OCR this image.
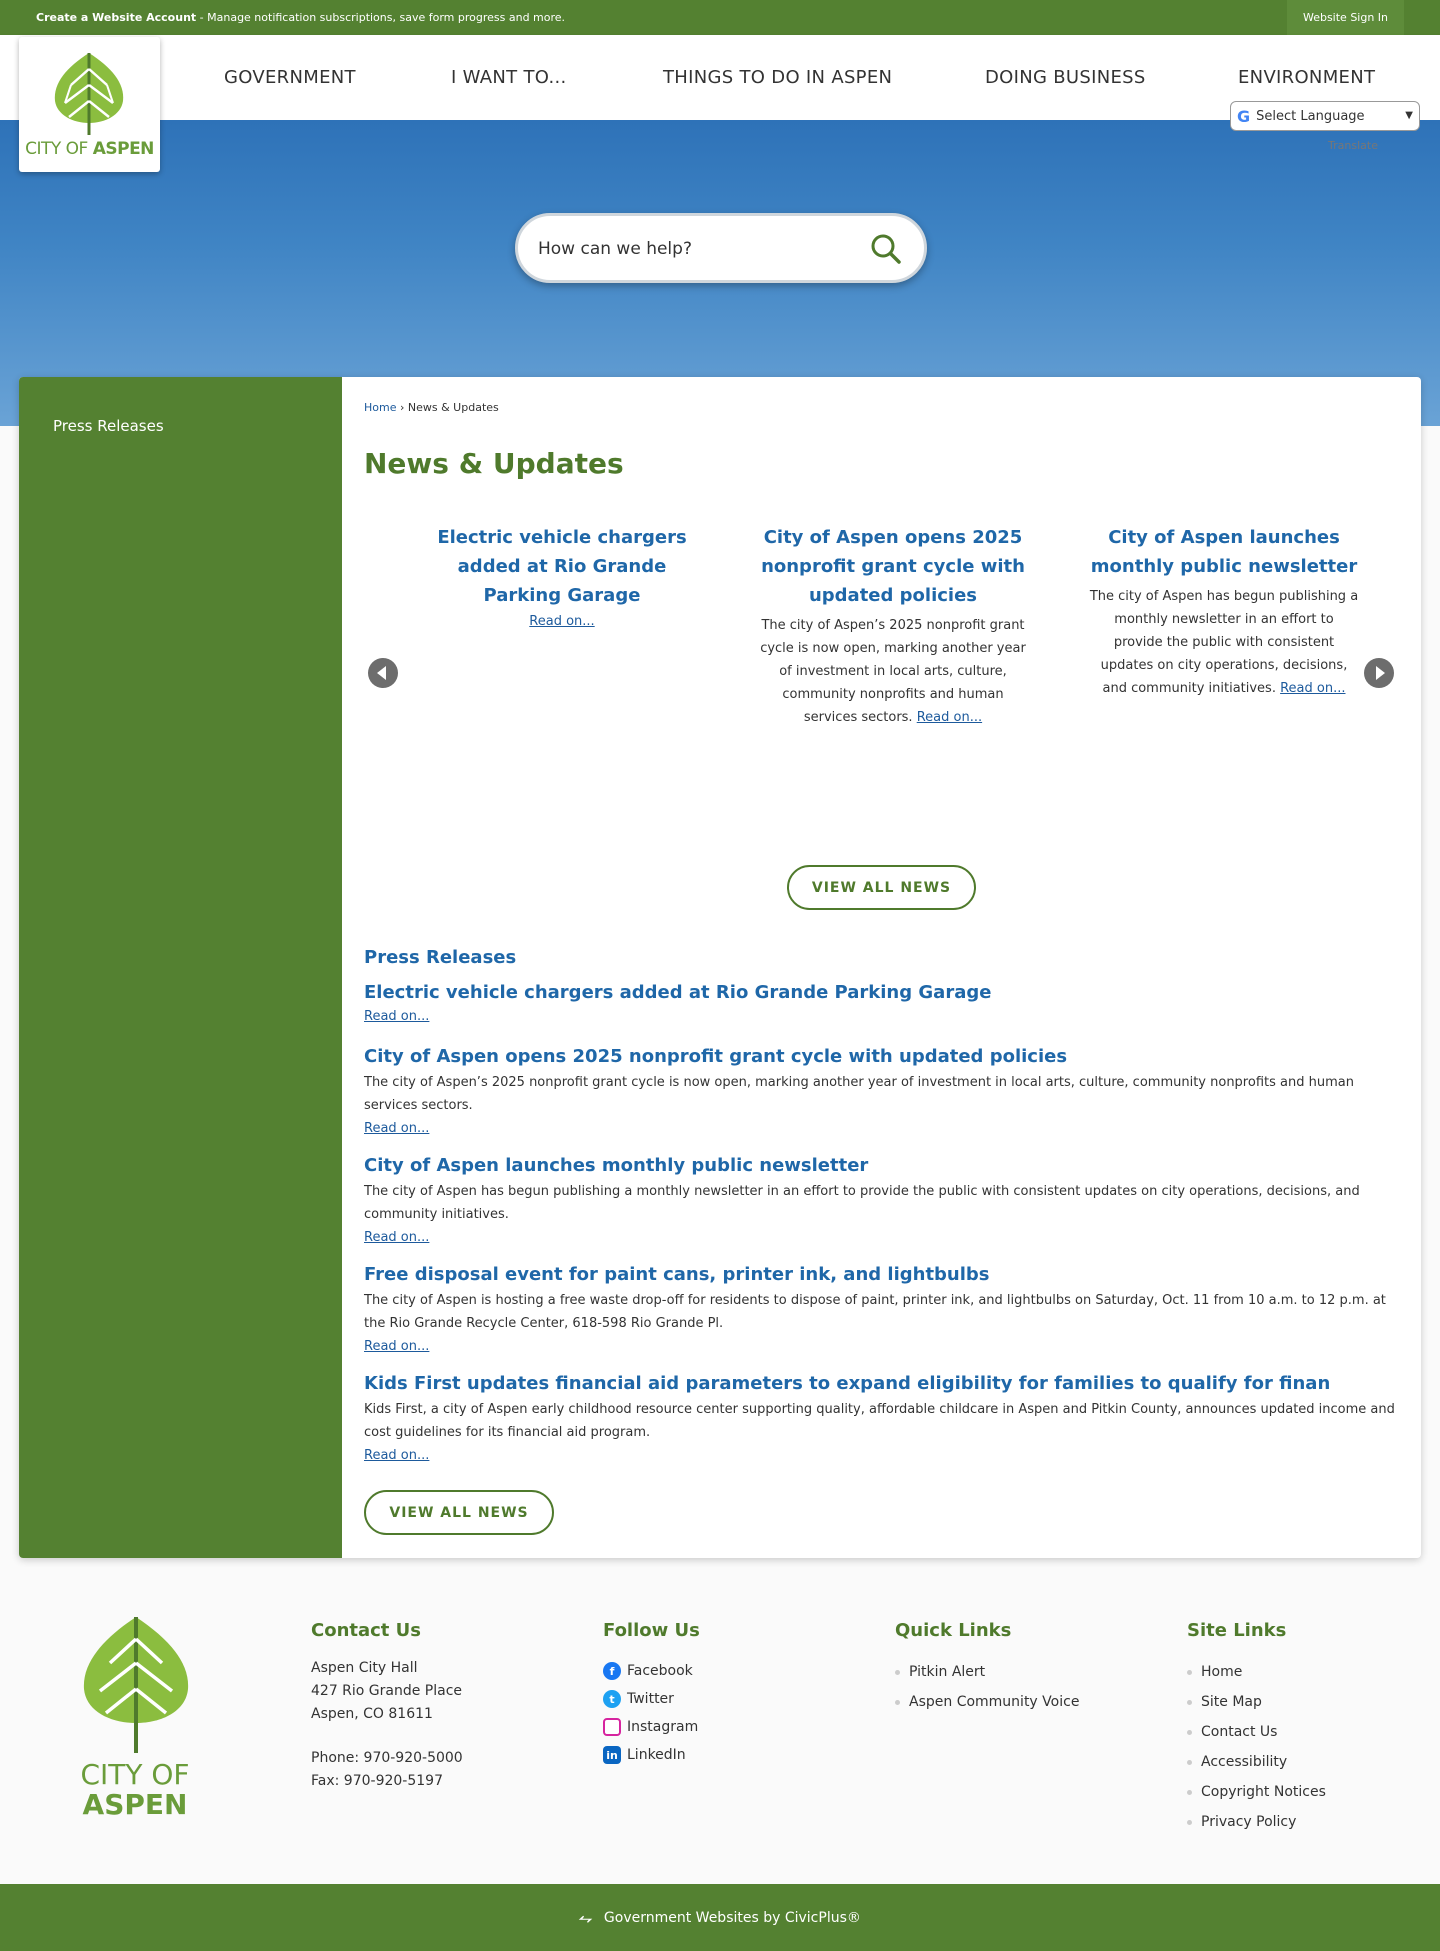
Create a Website Account - Manage notification subscriptions, save form progress and more.	Website Sign In
GOVERNMENT	I WANT TO...	THINGS TO DO IN ASPEN	DOING BUSINESS	ENVIRONMENT
CITY OF ASPEN
G Select Language	▼
Translate
How can we help?
Press Releases
Home › News & Updates
News & Updates
Electric vehicle chargers added at Rio Grande Parking Garage
Read on...
City of Aspen opens 2025 nonprofit grant cycle with updated policies

The city of Aspen’s 2025 nonprofit grant cycle is now open, marking another year of investment in local arts, culture, community nonprofits and human services sectors. Read on...

City of Aspen launches monthly public newsletter

The city of Aspen has begun publishing a monthly newsletter in an effort to provide the public with consistent updates on city operations, decisions, and community initiatives. Read on...

VIEW ALL NEWS
Press Releases
Electric vehicle chargers added at Rio Grande Parking Garage
Read on...
City of Aspen opens 2025 nonprofit grant cycle with updated policies

The city of Aspen’s 2025 nonprofit grant cycle is now open, marking another year of investment in local arts, culture, community nonprofits and human services sectors.

Read on...
City of Aspen launches monthly public newsletter

The city of Aspen has begun publishing a monthly newsletter in an effort to provide the public with consistent updates on city operations, decisions, and community initiatives.

Read on...
Free disposal event for paint cans, printer ink, and lightbulbs

The city of Aspen is hosting a free waste drop-off for residents to dispose of paint, printer ink, and lightbulbs on Saturday, Oct. 11 from 10 a.m. to 12 p.m. at the Rio Grande Recycle Center, 618-598 Rio Grande Pl.

Read on...
Kids First updates financial aid parameters to expand eligibility for families to qualify for finan

Kids First, a city of Aspen early childhood resource center supporting quality, affordable childcare in Aspen and Pitkin County, announces updated income and cost guidelines for its financial aid program.

Read on...
VIEW ALL NEWS
CITY OF
ASPEN
Contact Us
Aspen City Hall
427 Rio Grande Place
Aspen, CO 81611
Phone: 970-920-5000
Fax: 970-920-5197
Follow Us
f Facebook
t Twitter
Instagram
in LinkedIn
Quick Links
Pitkin Alert
Aspen Community Voice
Site Links
Home
Site Map
Contact Us
Accessibility
Copyright Notices
Privacy Policy
⥊ Government Websites by CivicPlus®
